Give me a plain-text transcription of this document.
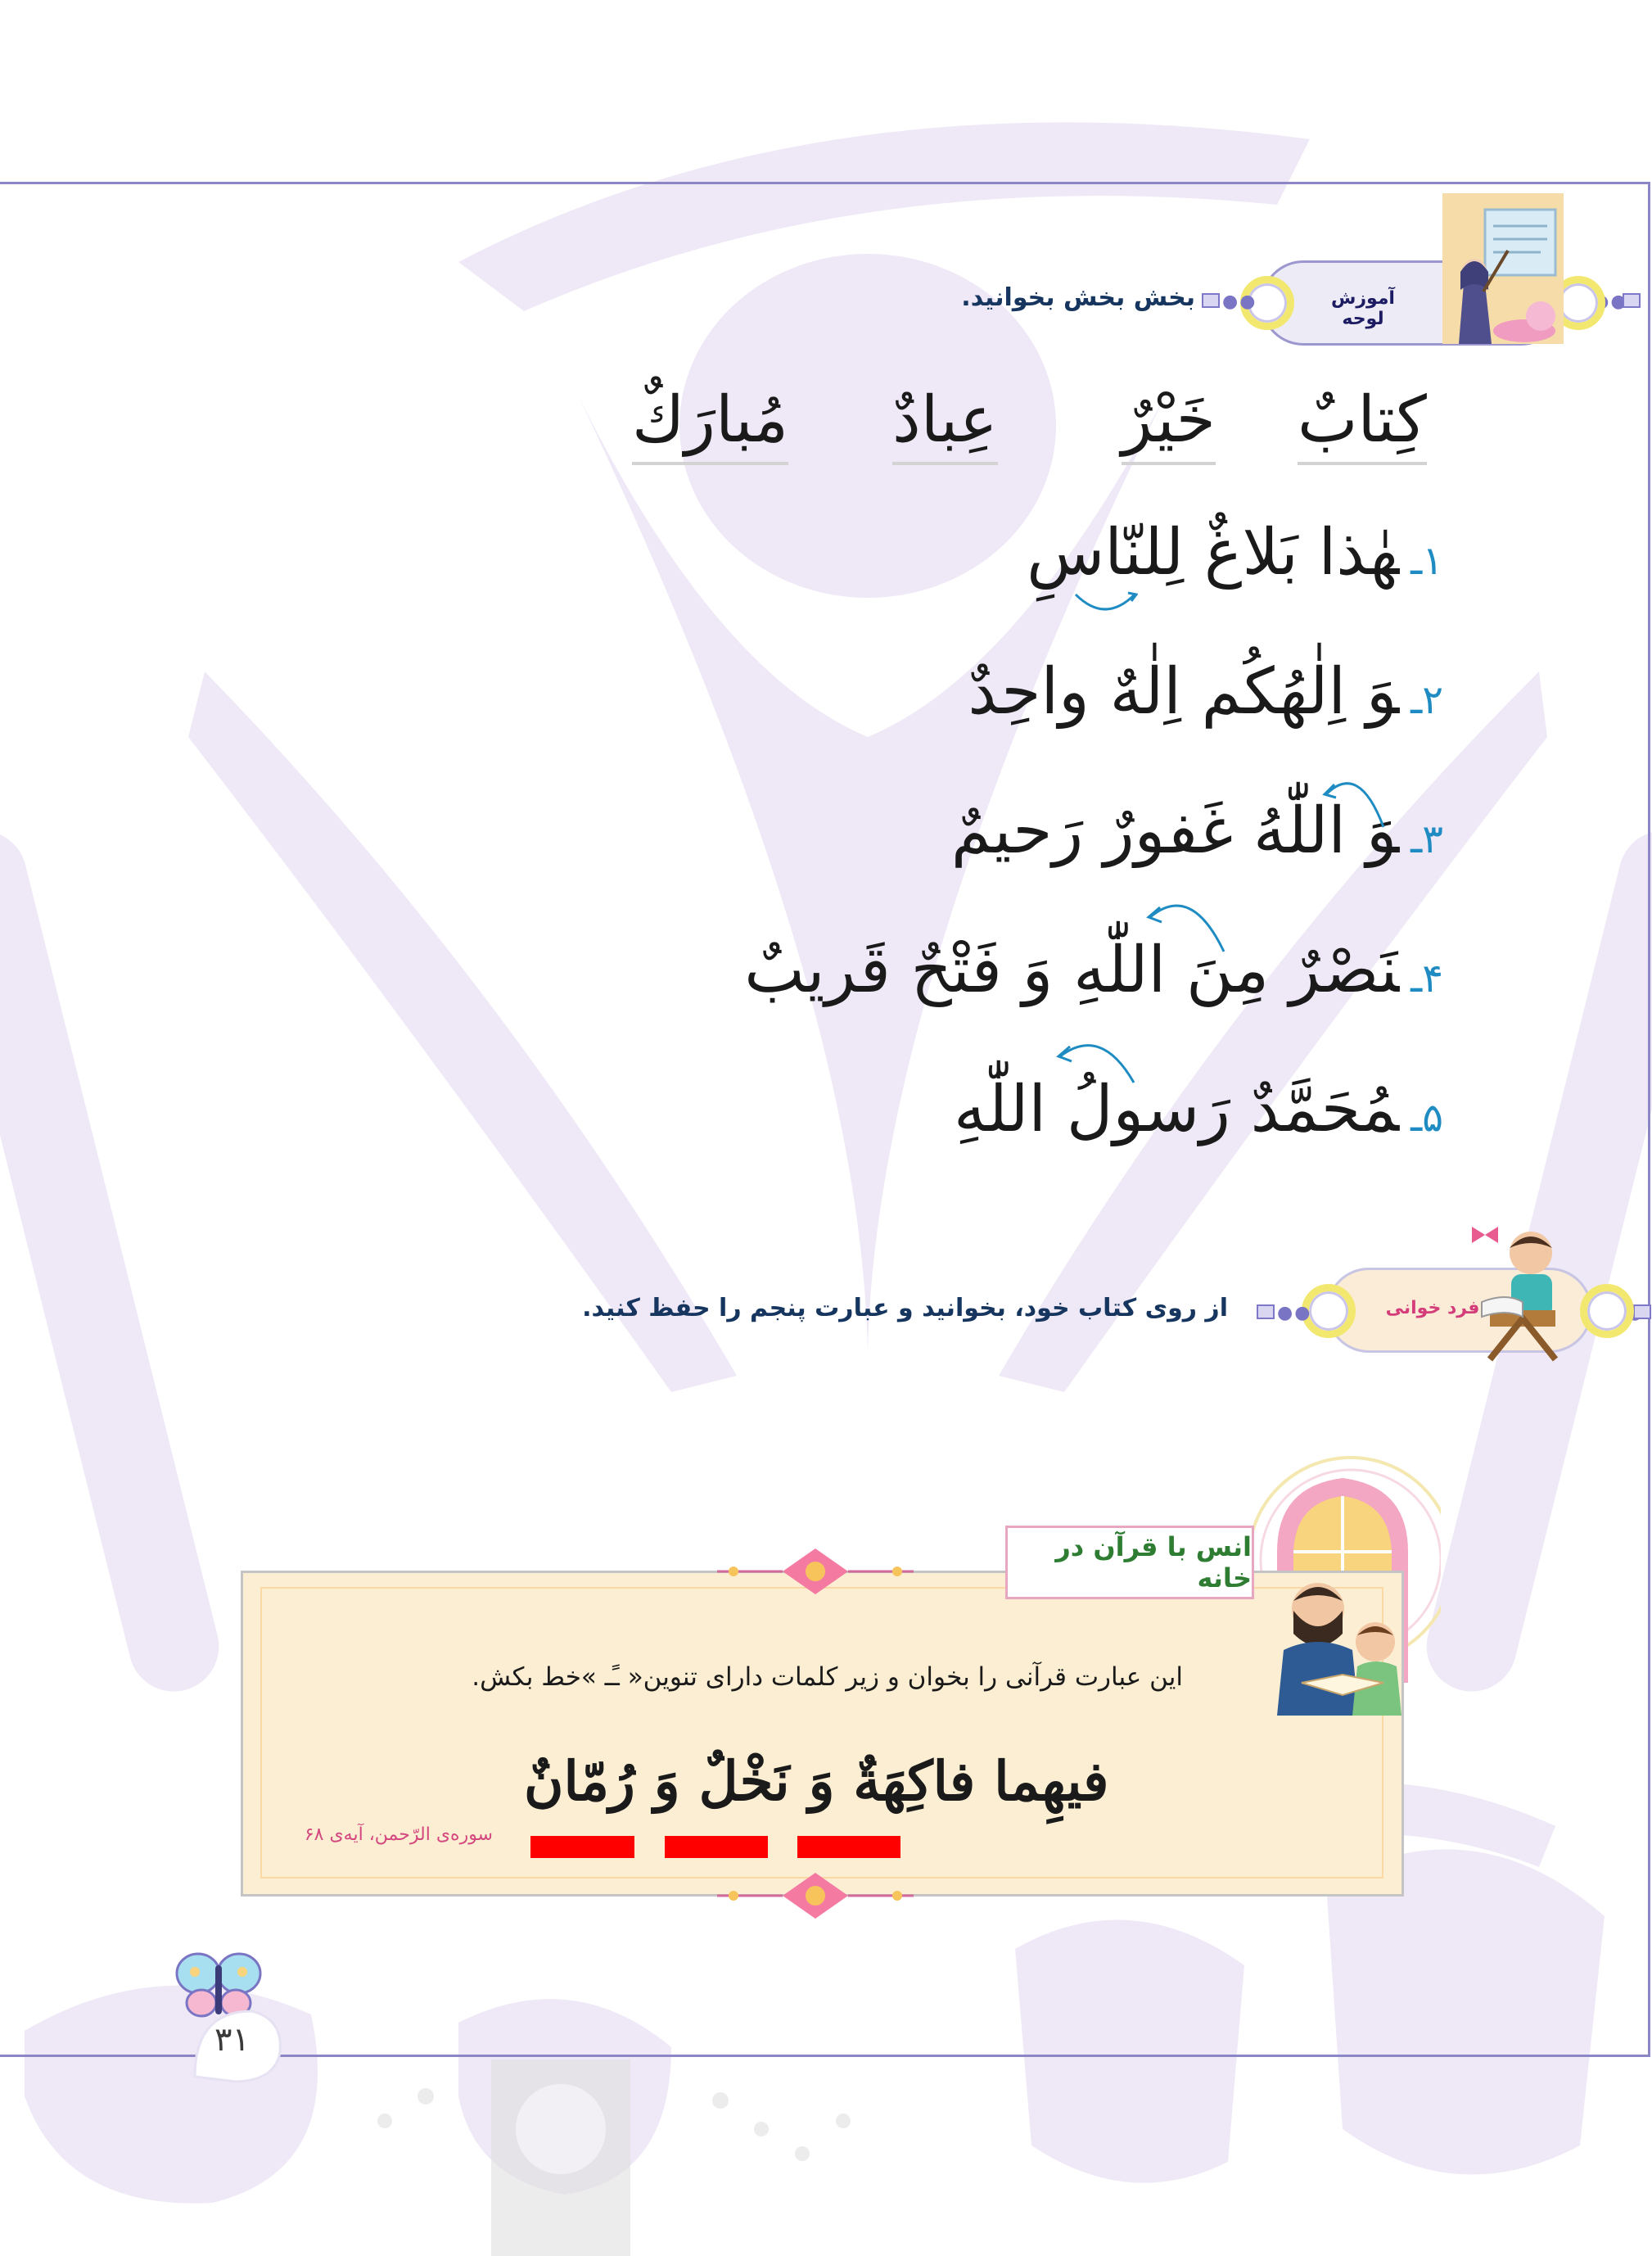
آموزش لوحه
●●
بخش بخش بخوانید.
كِتابٌ
خَيْرٌ
عِبادٌ
مُبارَكٌ
١ـهٰذا بَلاغٌ لِلنّاسِ
٢ـوَ اِلٰهُكُم اِلٰهٌ واحِدٌ
٣ـوَ اللّٰهُ غَفورٌ رَحيمٌ
۴ـنَصْرٌ مِنَ اللّٰهِ وَ فَتْحٌ قَريبٌ
۵ـمُحَمَّدٌ رَسولُ اللّٰهِ
فرد خوانی
●●
از روی کتاب خود، بخوانید و عبارت پنجم را حفظ کنید.
انس با قرآن در خانه
این عبارت قرآنی را بخوان و زیر کلمات دارای تنوین« ـًـ »خط بکش.
فيهِما فاكِهَةٌ وَ نَخْلٌ وَ رُمّانٌ
سوره‌ی الرّحمن، آیه‌ی ۶۸
۳۱
